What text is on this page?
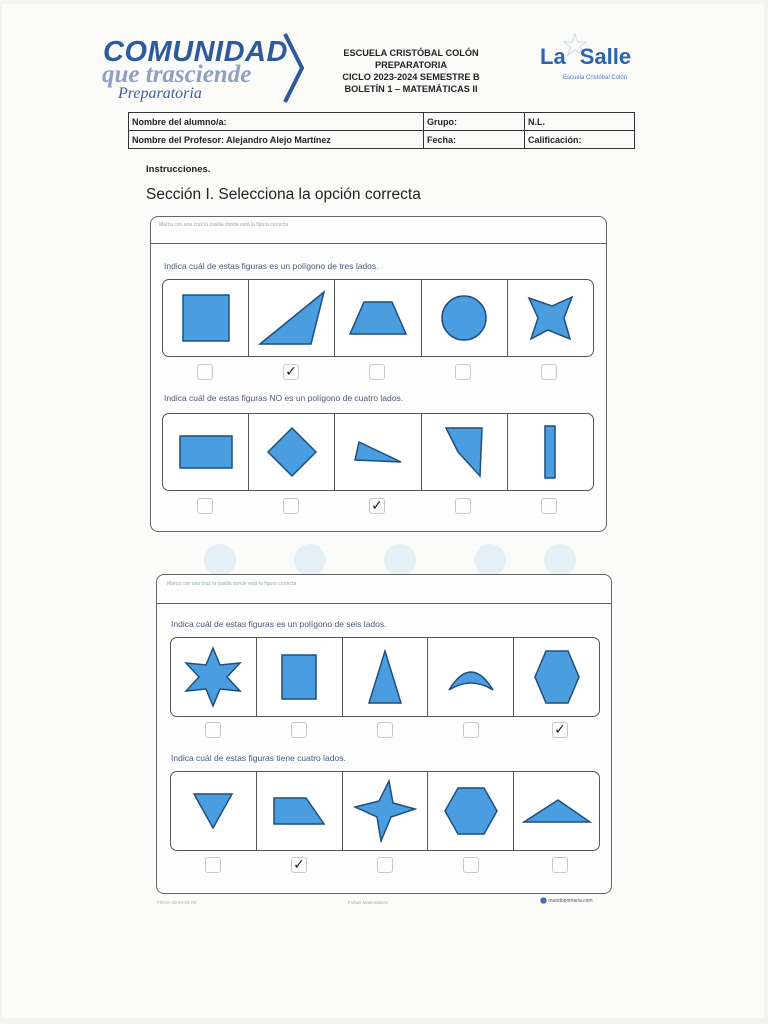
COMUNIDAD
que trasciende
Preparatoria
ESCUELA CRISTÓBAL COLÓN
PREPARATORIA
CICLO 2023-2024 SEMESTRE B
BOLETÍN 1 – MATEMÁTICAS II
La Salle
Escuela Cristóbal Colón
Nombre del alumno/a:	Grupo:	N.L.
Nombre del Profesor: Alejandro Alejo Martínez	Fecha:	Calificación:
Instrucciones.
Sección I. Selecciona la opción correcta
Marca con una cruz la casilla donde está la figura correcta
Indica cuál de estas figuras es un polígono de tres lados.
✓
Indica cuál de estas figuras NO es un polígono de cuatro lados.
✓
Marca con una cruz la casilla donde está la figura correcta
Indica cuál de estas figuras es un polígono de seis lados.
✓
Indica cuál de estas figuras tiene cuatro lados.
✓
FICHA 00-04-03-09	Fichas Matemáticas	mundoprimaria.com
